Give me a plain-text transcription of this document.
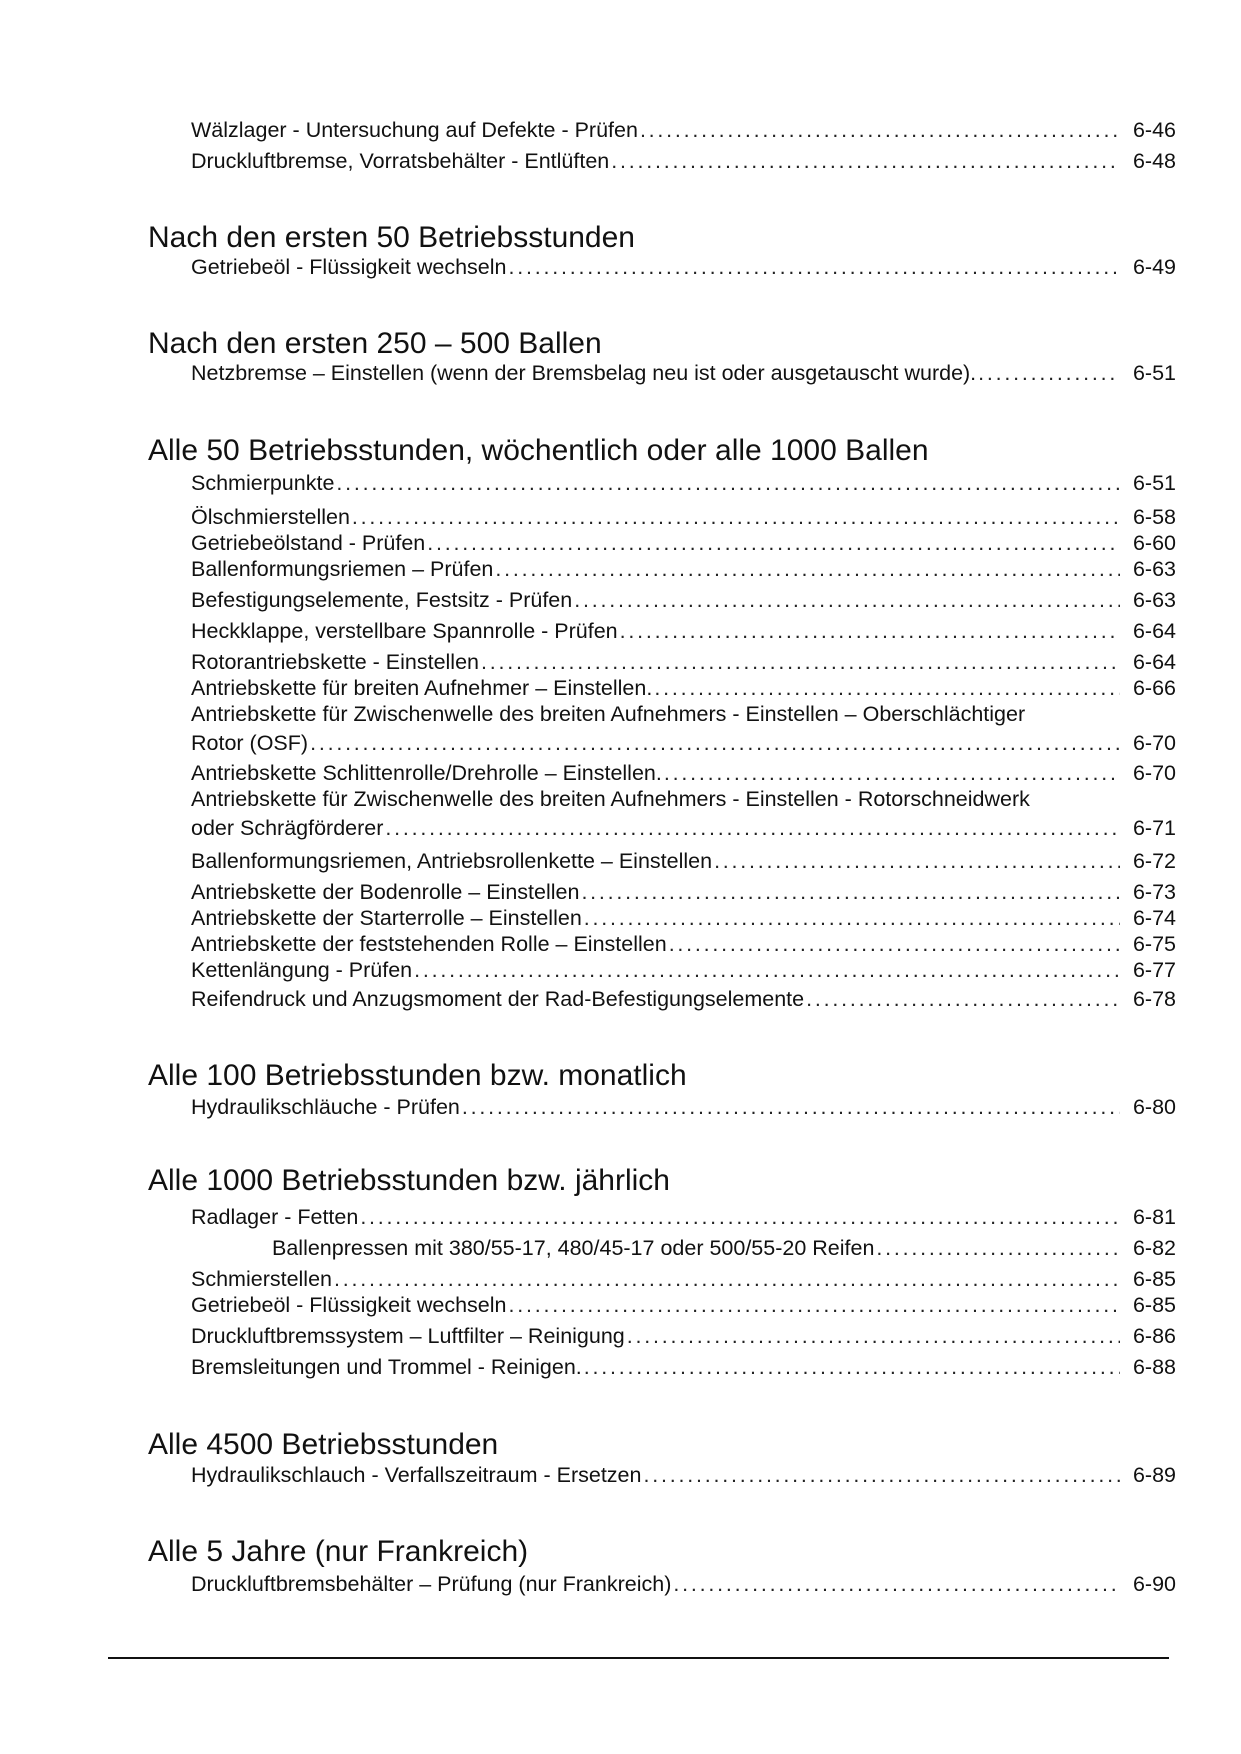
Wälzlager - Untersuchung auf Defekte - Prüfen . . .	6-46
Druckluftbremse, Vorratsbehälter - Entlüften . . .	6-48
Nach den ersten 50 Betriebsstunden
Getriebeöl - Flüssigkeit wechseln . . .	6-49
Nach den ersten 250 – 500 Ballen
Netzbremse – Einstellen (wenn der Bremsbelag neu ist oder ausgetauscht wurde). . . .	6-51
Alle 50 Betriebsstunden, wöchentlich oder alle 1000 Ballen
Schmierpunkte . . .	6-51
Ölschmierstellen . . .	6-58
Getriebeölstand - Prüfen . . .	6-60
Ballenformungsriemen – Prüfen . . .	6-63
Befestigungselemente, Festsitz - Prüfen . . .	6-63
Heckklappe, verstellbare Spannrolle - Prüfen . . .	6-64
Rotorantriebskette - Einstellen . . .	6-64
Antriebskette für breiten Aufnehmer – Einstellen. . . .	6-66
Antriebskette für Zwischenwelle des breiten Aufnehmers - Einstellen – Oberschlächtiger
Rotor (OSF) . . .	6-70
Antriebskette Schlittenrolle/Drehrolle – Einstellen. . . .	6-70
Antriebskette für Zwischenwelle des breiten Aufnehmers - Einstellen - Rotorschneidwerk
oder Schrägförderer . . .	6-71
Ballenformungsriemen, Antriebsrollenkette – Einstellen . . .	6-72
Antriebskette der Bodenrolle – Einstellen . . .	6-73
Antriebskette der Starterrolle – Einstellen . . .	6-74
Antriebskette der feststehenden Rolle – Einstellen . . .	6-75
Kettenlängung - Prüfen . . .	6-77
Reifendruck und Anzugsmoment der Rad-Befestigungselemente . . .	6-78
Alle 100 Betriebsstunden bzw. monatlich
Hydraulikschläuche - Prüfen . . .	6-80
Alle 1000 Betriebsstunden bzw. jährlich
Radlager - Fetten . . .	6-81
Ballenpressen mit 380/55-17, 480/45-17 oder 500/55-20 Reifen . . .	6-82
Schmierstellen . . .	6-85
Getriebeöl - Flüssigkeit wechseln . . .	6-85
Druckluftbremssystem – Luftfilter – Reinigung . . .	6-86
Bremsleitungen und Trommel - Reinigen. . . .	6-88
Alle 4500 Betriebsstunden
Hydraulikschlauch - Verfallszeitraum - Ersetzen . . .	6-89
Alle 5 Jahre (nur Frankreich)
Druckluftbremsbehälter – Prüfung (nur Frankreich) . . .	6-90
